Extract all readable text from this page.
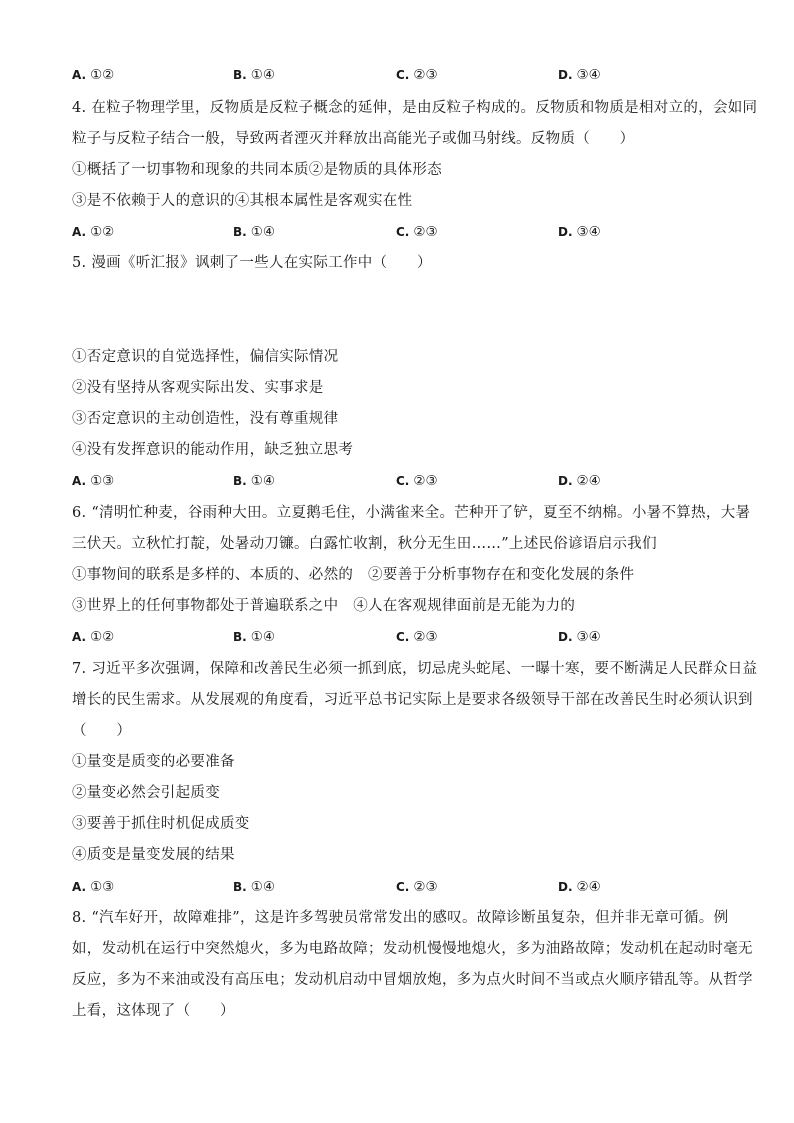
A. ①②	B. ①④	C. ②③	D. ③④
4. 在粒子物理学里，反物质是反粒子概念的延伸，是由反粒子构成的。反物质和物质是相对立的，会如同
粒子与反粒子结合一般，导致两者湮灭并释放出高能光子或伽马射线。反物质（　　）
①概括了一切事物和现象的共同本质②是物质的具体形态
③是不依赖于人的意识的④其根本属性是客观实在性
A. ①②	B. ①④	C. ②③	D. ③④
5. 漫画《听汇报》讽刺了一些人在实际工作中（　　）
①否定意识的自觉选择性，偏信实际情况
②没有坚持从客观实际出发、实事求是
③否定意识的主动创造性，没有尊重规律
④没有发挥意识的能动作用，缺乏独立思考
A. ①③	B. ①④	C. ②③	D. ②④
6. “清明忙种麦，谷雨种大田。立夏鹅毛住，小满雀来全。芒种开了铲，夏至不纳棉。小暑不算热，大暑
三伏天。立秋忙打靛，处暑动刀镰。白露忙收割，秋分无生田……”上述民俗谚语启示我们
①事物间的联系是多样的、本质的、必然的　②要善于分析事物存在和变化发展的条件
③世界上的任何事物都处于普遍联系之中　④人在客观规律面前是无能为力的
A. ①②	B. ①④	C. ②③	D. ③④
7. 习近平多次强调，保障和改善民生必须一抓到底，切忌虎头蛇尾、一曝十寒，要不断满足人民群众日益
增长的民生需求。从发展观的角度看，习近平总书记实际上是要求各级领导干部在改善民生时必须认识到
（　　）
①量变是质变的必要准备
②量变必然会引起质变
③要善于抓住时机促成质变
④质变是量变发展的结果
A. ①③	B. ①④	C. ②③	D. ②④
8. “汽车好开，故障难排”，这是许多驾驶员常常发出的感叹。故障诊断虽复杂，但并非无章可循。例
如，发动机在运行中突然熄火，多为电路故障；发动机慢慢地熄火，多为油路故障；发动机在起动时毫无
反应，多为不来油或没有高压电；发动机启动中冒烟放炮，多为点火时间不当或点火顺序错乱等。从哲学
上看，这体现了（　　）
